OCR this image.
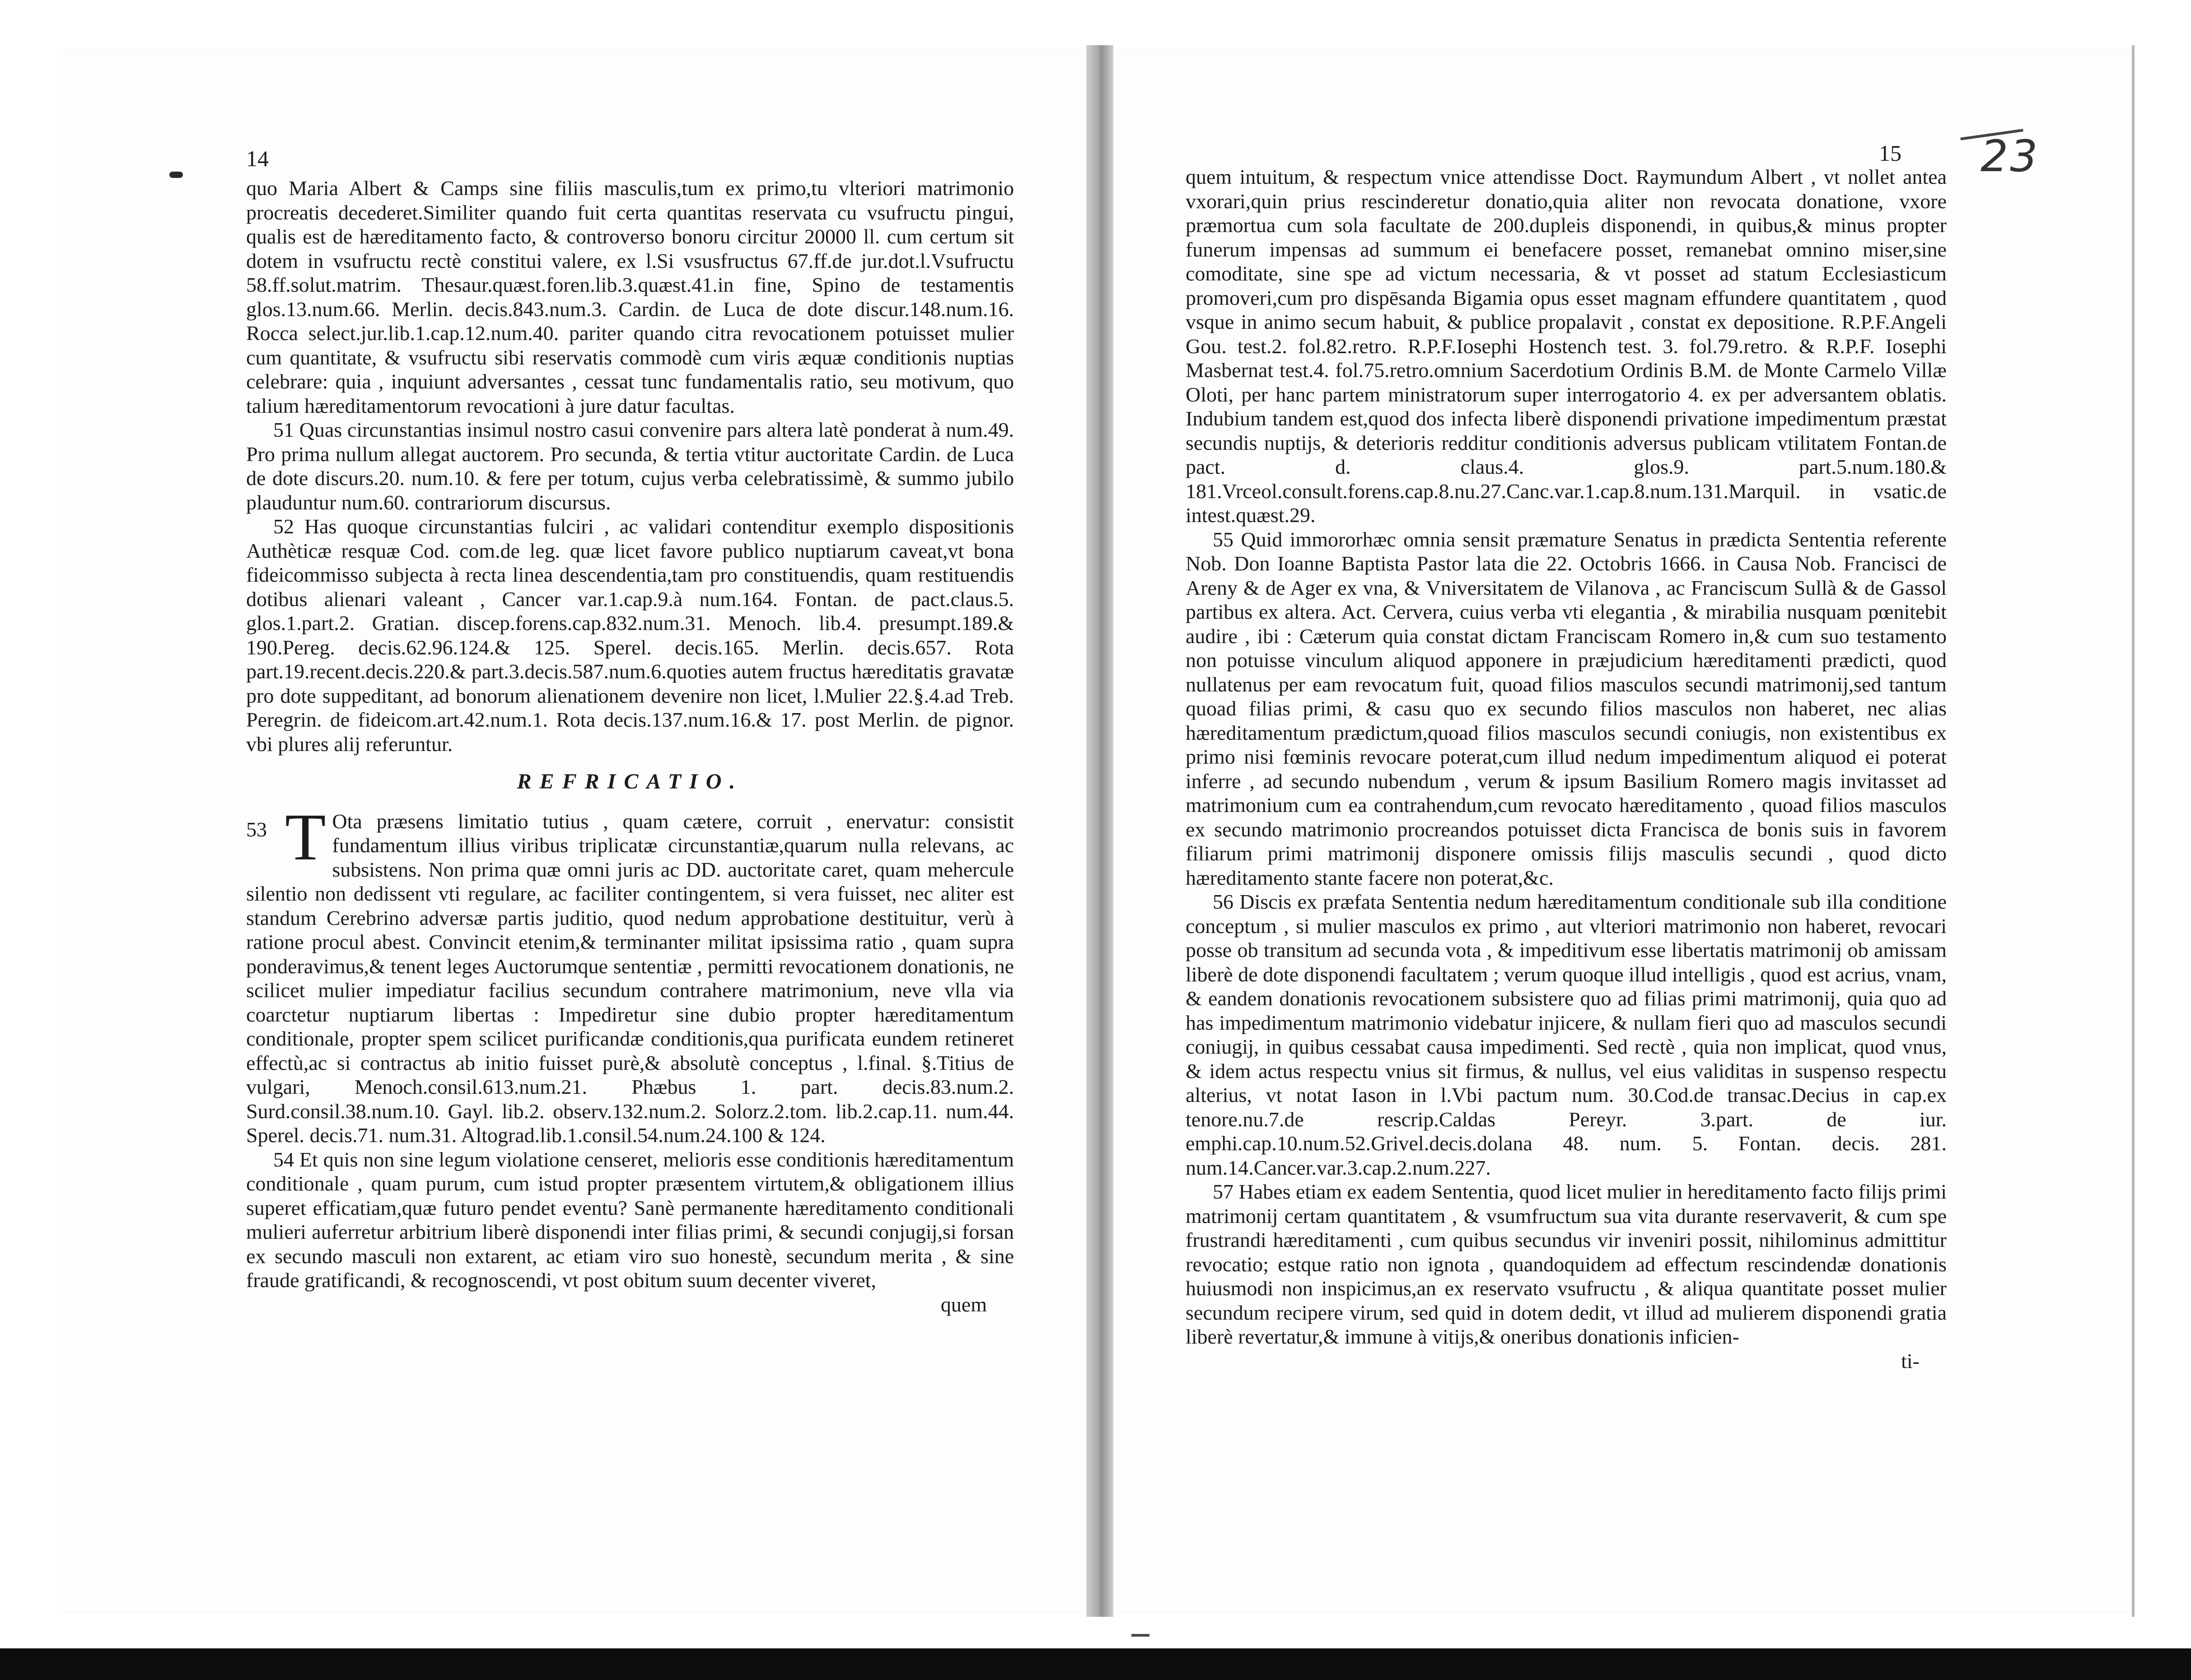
14

quo Maria Albert & Camps sine filiis masculis,tum ex primo,tu vlteriori matrimonio procreatis decederet.Similiter quando fuit certa quantitas reservata cu vsufructu pingui, qualis est de hæreditamento facto, & controverso bonoru circitur 20000 ll. cum certum sit dotem in vsufructu rectè constitui valere, ex l.Si vsusfructus 67.ff.de jur.dot.l.Vsufructu 58.ff.solut.matrim. Thesaur.quæst.foren.lib.3.quæst.41.in fine, Spino de testamentis glos.13.num.66. Merlin. decis.843.num.3. Cardin. de Luca de dote discur.148.num.16. Rocca select.jur.lib.1.cap.12.num.40. pariter quando citra revocationem potuisset mulier cum quantitate, & vsufructu sibi reservatis commodè cum viris æquæ conditionis nuptias celebrare: quia , inquiunt adversantes , cessat tunc fundamentalis ratio, seu motivum, quo talium hæreditamentorum revocationi à jure datur facultas.

51 Quas circunstantias insimul nostro casui convenire pars altera latè ponderat à num.49. Pro prima nullum allegat auctorem. Pro secunda, & tertia vtitur auctoritate Cardin. de Luca de dote discurs.20. num.10. & fere per totum, cujus verba celebratissimè, & summo jubilo plauduntur num.60. contrariorum discursus.

52 Has quoque circunstantias fulciri , ac validari contenditur exemplo dispositionis Authèticæ resquæ Cod. com.de leg. quæ licet favore publico nuptiarum caveat,vt bona fideicommisso subjecta à recta linea descendentia,tam pro constituendis, quam restituendis dotibus alienari valeant , Cancer var.1.cap.9.à num.164. Fontan. de pact.claus.5. glos.1.part.2. Gratian. discep.forens.cap.832.num.31. Menoch. lib.4. presumpt.189.& 190.Pereg. decis.62.96.124.& 125. Sperel. decis.165. Merlin. decis.657. Rota part.19.recent.decis.220.& part.3.decis.587.num.6.quoties autem fructus hæreditatis gravatæ pro dote suppeditant, ad bonorum alienationem devenire non licet, l.Mulier 22.§.4.ad Treb. Peregrin. de fideicom.art.42.num.1. Rota decis.137.num.16.& 17. post Merlin. de pignor. vbi plures alij referuntur.

REFRICATIO.

53 T Ota præsens limitatio tutius , quam cætere, corruit , enervatur: consistit fundamentum illius viribus triplicatæ circunstantiæ,quarum nulla relevans, ac subsistens. Non prima quæ omni juris ac DD. auctoritate caret, quam mehercule silentio non dedissent vti regulare, ac faciliter contingentem, si vera fuisset, nec aliter est standum Cerebrino adversæ partis juditio, quod nedum approbatione destituitur, verù à ratione procul abest. Convincit etenim,& terminanter militat ipsissima ratio , quam supra ponderavimus,& tenent leges Auctorumque sententiæ , permitti revocationem donationis, ne scilicet mulier impediatur facilius secundum contrahere matrimonium, neve vlla via coarctetur nuptiarum libertas : Impediretur sine dubio propter hæreditamentum conditionale, propter spem scilicet purificandæ conditionis,qua purificata eundem retineret effectù,ac si contractus ab initio fuisset purè,& absolutè conceptus , l.final. §.Titius de vulgari, Menoch.consil.613.num.21. Phæbus 1. part. decis.83.num.2. Surd.consil.38.num.10. Gayl. lib.2. observ.132.num.2. Solorz.2.tom. lib.2.cap.11. num.44. Sperel. decis.71. num.31. Altograd.lib.1.consil.54.num.24.100 & 124.

54 Et quis non sine legum violatione censeret, melioris esse conditionis hæreditamentum conditionale , quam purum, cum istud propter præsentem virtutem,& obligationem illius superet efficatiam,quæ futuro pendet eventu? Sanè permanente hæreditamento conditionali mulieri auferretur arbitrium liberè disponendi inter filias primi, & secundi conjugij,si forsan ex secundo masculi non extarent, ac etiam viro suo honestè, secundum merita , & sine fraude gratificandi, & recognoscendi, vt post obitum suum decenter viveret,

quem

15 23

quem intuitum, & respectum vnice attendisse Doct. Raymundum Albert , vt nollet antea vxorari,quin prius rescinderetur donatio,quia aliter non revocata donatione, vxore præmortua cum sola facultate de 200.dupleis disponendi, in quibus,& minus propter funerum impensas ad summum ei benefacere posset, remanebat omnino miser,sine comoditate, sine spe ad victum necessaria, & vt posset ad statum Ecclesiasticum promoveri,cum pro dispēsanda Bigamia opus esset magnam effundere quantitatem , quod vsque in animo secum habuit, & publice propalavit , constat ex depositione. R.P.F.Angeli Gou. test.2. fol.82.retro. R.P.F.Iosephi Hostench test. 3. fol.79.retro. & R.P.F. Iosephi Masbernat test.4. fol.75.retro.omnium Sacerdotium Ordinis B.M. de Monte Carmelo Villæ Oloti, per hanc partem ministratorum super interrogatorio 4. ex per adversantem oblatis. Indubium tandem est,quod dos infecta liberè disponendi privatione impedimentum præstat secundis nuptijs, & deterioris redditur conditionis adversus publicam vtilitatem Fontan.de pact. d. claus.4. glos.9. part.5.num.180.& 181.Vrceol.consult.forens.cap.8.nu.27.Canc.var.1.cap.8.num.131.Marquil. in vsatic.de intest.quæst.29.

55 Quid immororhæc omnia sensit præmature Senatus in prædicta Sententia referente Nob. Don Ioanne Baptista Pastor lata die 22. Octobris 1666. in Causa Nob. Francisci de Areny & de Ager ex vna, & Vniversitatem de Vilanova , ac Franciscum Sullà & de Gassol partibus ex altera. Act. Cervera, cuius verba vti elegantia , & mirabilia nusquam pœnitebit audire , ibi : Cæterum quia constat dictam Franciscam Romero in,& cum suo testamento non potuisse vinculum aliquod apponere in præjudicium hæreditamenti prædicti, quod nullatenus per eam revocatum fuit, quoad filios masculos secundi matrimonij,sed tantum quoad filias primi, & casu quo ex secundo filios masculos non haberet, nec alias hæreditamentum prædictum,quoad filios masculos secundi coniugis, non existentibus ex primo nisi fœminis revocare poterat,cum illud nedum impedimentum aliquod ei poterat inferre , ad secundo nubendum , verum & ipsum Basilium Romero magis invitasset ad matrimonium cum ea contrahendum,cum revocato hæreditamento , quoad filios masculos ex secundo matrimonio procreandos potuisset dicta Francisca de bonis suis in favorem filiarum primi matrimonij disponere omissis filijs masculis secundi , quod dicto hæreditamento stante facere non poterat,&c.

56 Discis ex præfata Sententia nedum hæreditamentum conditionale sub illa conditione conceptum , si mulier masculos ex primo , aut vlteriori matrimonio non haberet, revocari posse ob transitum ad secunda vota , & impeditivum esse libertatis matrimonij ob amissam liberè de dote disponendi facultatem ; verum quoque illud intelligis , quod est acrius, vnam, & eandem donationis revocationem subsistere quo ad filias primi matrimonij, quia quo ad has impedimentum matrimonio videbatur injicere, & nullam fieri quo ad masculos secundi coniugij, in quibus cessabat causa impedimenti. Sed rectè , quia non implicat, quod vnus, & idem actus respectu vnius sit firmus, & nullus, vel eius validitas in suspenso respectu alterius, vt notat Iason in l.Vbi pactum num. 30.Cod.de transac.Decius in cap.ex tenore.nu.7.de rescrip.Caldas Pereyr. 3.part. de iur. emphi.cap.10.num.52.Grivel.decis.dolana 48. num. 5. Fontan. decis. 281. num.14.Cancer.var.3.cap.2.num.227.

57 Habes etiam ex eadem Sententia, quod licet mulier in hereditamento facto filijs primi matrimonij certam quantitatem , & vsumfructum sua vita durante reservaverit, & cum spe frustrandi hæreditamenti , cum quibus secundus vir inveniri possit, nihilominus admittitur revocatio; estque ratio non ignota , quandoquidem ad effectum rescindendæ donationis huiusmodi non inspicimus,an ex reservato vsufructu , & aliqua quantitate posset mulier secundum recipere virum, sed quid in dotem dedit, vt illud ad mulierem disponendi gratia liberè revertatur,& immune à vitijs,& oneribus donationis inficien-

ti-
